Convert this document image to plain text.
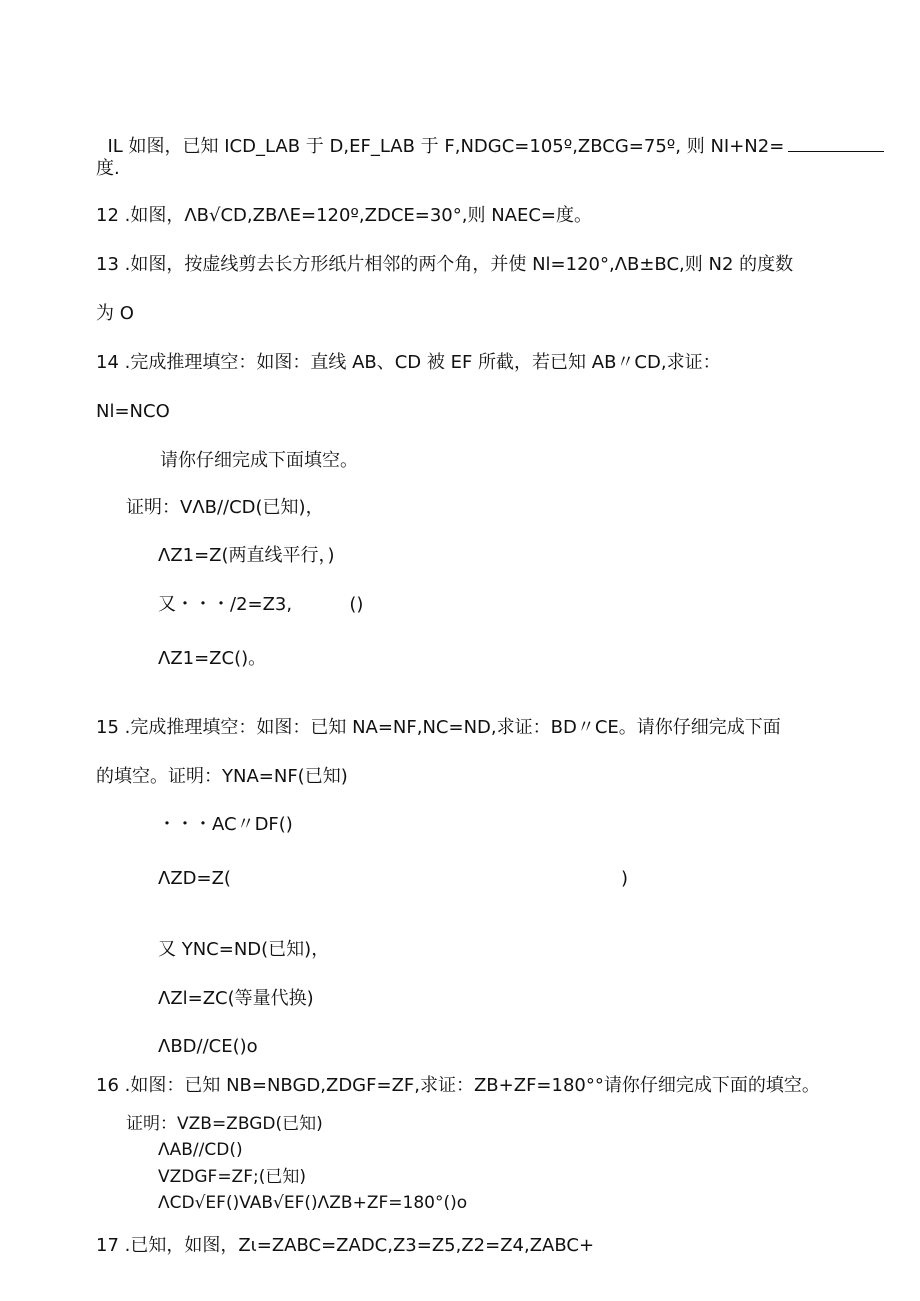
IL 如图，已知 ICD_LAB 于 D,EF_LAB 于 F,NDGC=105º,ZBCG=75º, 则 NI+N2=

度.
12 .如图，ΛB√CD,ZBΛE=120º,ZDCE=30°,则 NAEC=度。
13 .如图，按虚线剪去长方形纸片相邻的两个角，并使 Nl=120°,ΛB±BC,则 N2 的度数
为 O
14 .完成推理填空：如图：直线 AB、CD 被 EF 所截，若已知 AB〃CD,求证：
Nl=NCO
请你仔细完成下面填空。
证明：VΛB∕∕CD(已知)，
ΛZ1=Z(两直线平行，)
又・・・/2=Z3,          ()
ΛZ1=ZC()。
15 .完成推理填空：如图：已知 NA=NF,NC=ND,求证：BD〃CE。请你仔细完成下面
的填空。证明：YNA=NF(已知)
・・・AC〃DF()
ΛZD=Z(	)
又 YNC=ND(已知)，
ΛZl=ZC(等量代换)
ΛBD∕∕CE()o
16 .如图：已知 NB=NBGD,ZDGF=ZF,求证：ZB+ZF=180°°请你仔细完成下面的填空。
证明：VZB=ZBGD(已知)
ΛAB∕∕CD()
VZDGF=ZF;(已知)
ΛCD√EF()VAB√EF()ΛZB+ZF=180°()o
17 .已知，如图，Zι=ZABC=ZADC,Z3=Z5,Z2=Z4,ZABC+
